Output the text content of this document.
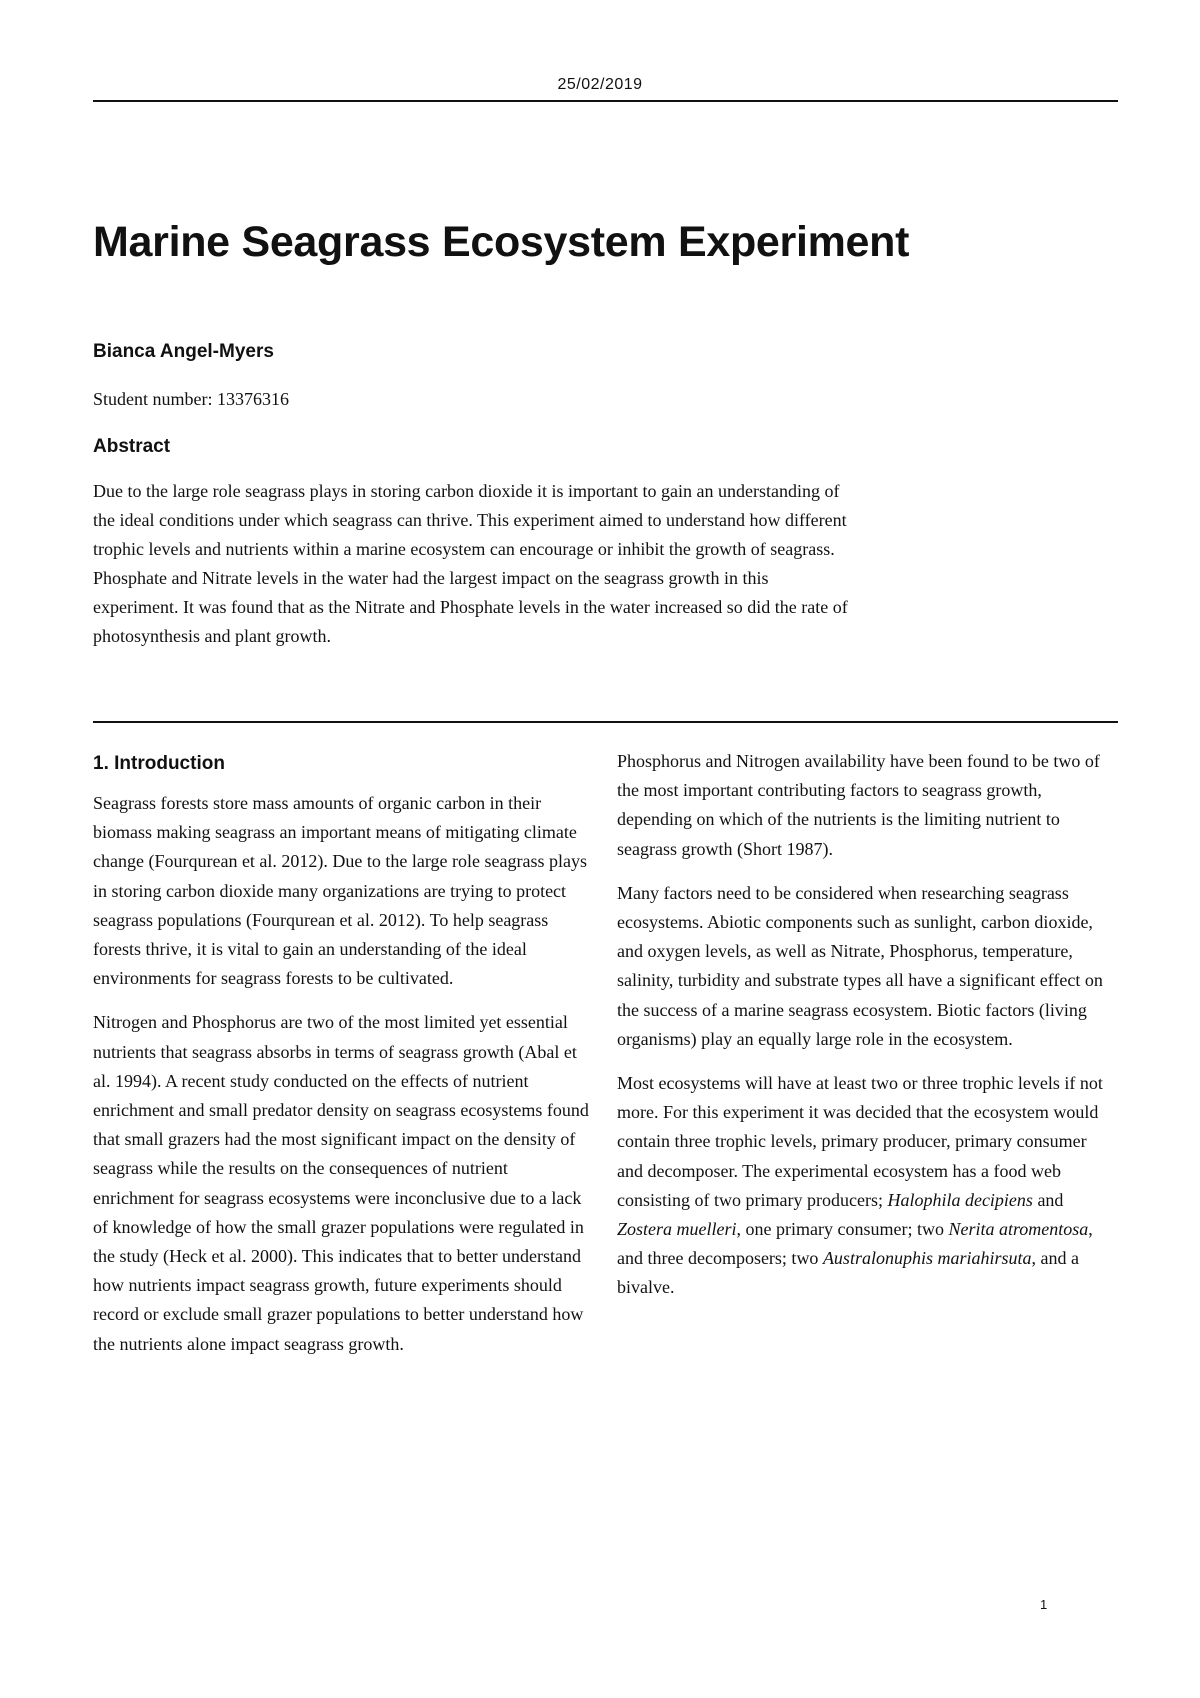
25/02/2019
Marine Seagrass Ecosystem Experiment
Bianca Angel-Myers
Student number: 13376316
Abstract

Due to the large role seagrass plays in storing carbon dioxide it is important to gain an understanding of the ideal conditions under which seagrass can thrive. This experiment aimed to understand how different trophic levels and nutrients within a marine ecosystem can encourage or inhibit the growth of seagrass. Phosphate and Nitrate levels in the water had the largest impact on the seagrass growth in this experiment. It was found that as the Nitrate and Phosphate levels in the water increased so did the rate of photosynthesis and plant growth.

1. Introduction

Seagrass forests store mass amounts of organic carbon in their biomass making seagrass an important means of mitigating climate change (Fourqurean et al. 2012). Due to the large role seagrass plays in storing carbon dioxide many organizations are trying to protect seagrass populations (Fourqurean et al. 2012). To help seagrass forests thrive, it is vital to gain an understanding of the ideal environments for seagrass forests to be cultivated.

Nitrogen and Phosphorus are two of the most limited yet essential nutrients that seagrass absorbs in terms of seagrass growth (Abal et al. 1994). A recent study conducted on the effects of nutrient enrichment and small predator density on seagrass ecosystems found that small grazers had the most significant impact on the density of seagrass while the results on the consequences of nutrient enrichment for seagrass ecosystems were inconclusive due to a lack of knowledge of how the small grazer populations were regulated in the study (Heck et al. 2000). This indicates that to better understand how nutrients impact seagrass growth, future experiments should record or exclude small grazer populations to better understand how the nutrients alone impact seagrass growth.

Phosphorus and Nitrogen availability have been found to be two of the most important contributing factors to seagrass growth, depending on which of the nutrients is the limiting nutrient to seagrass growth (Short 1987).

Many factors need to be considered when researching seagrass ecosystems. Abiotic components such as sunlight, carbon dioxide, and oxygen levels, as well as Nitrate, Phosphorus, temperature, salinity, turbidity and substrate types all have a significant effect on the success of a marine seagrass ecosystem. Biotic factors (living organisms) play an equally large role in the ecosystem.

Most ecosystems will have at least two or three trophic levels if not more. For this experiment it was decided that the ecosystem would contain three trophic levels, primary producer, primary consumer and decomposer. The experimental ecosystem has a food web consisting of two primary producers; Halophila decipiens and Zostera muelleri, one primary consumer; two Nerita atromentosa, and three decomposers; two Australonuphis mariahirsuta, and a bivalve.

1
